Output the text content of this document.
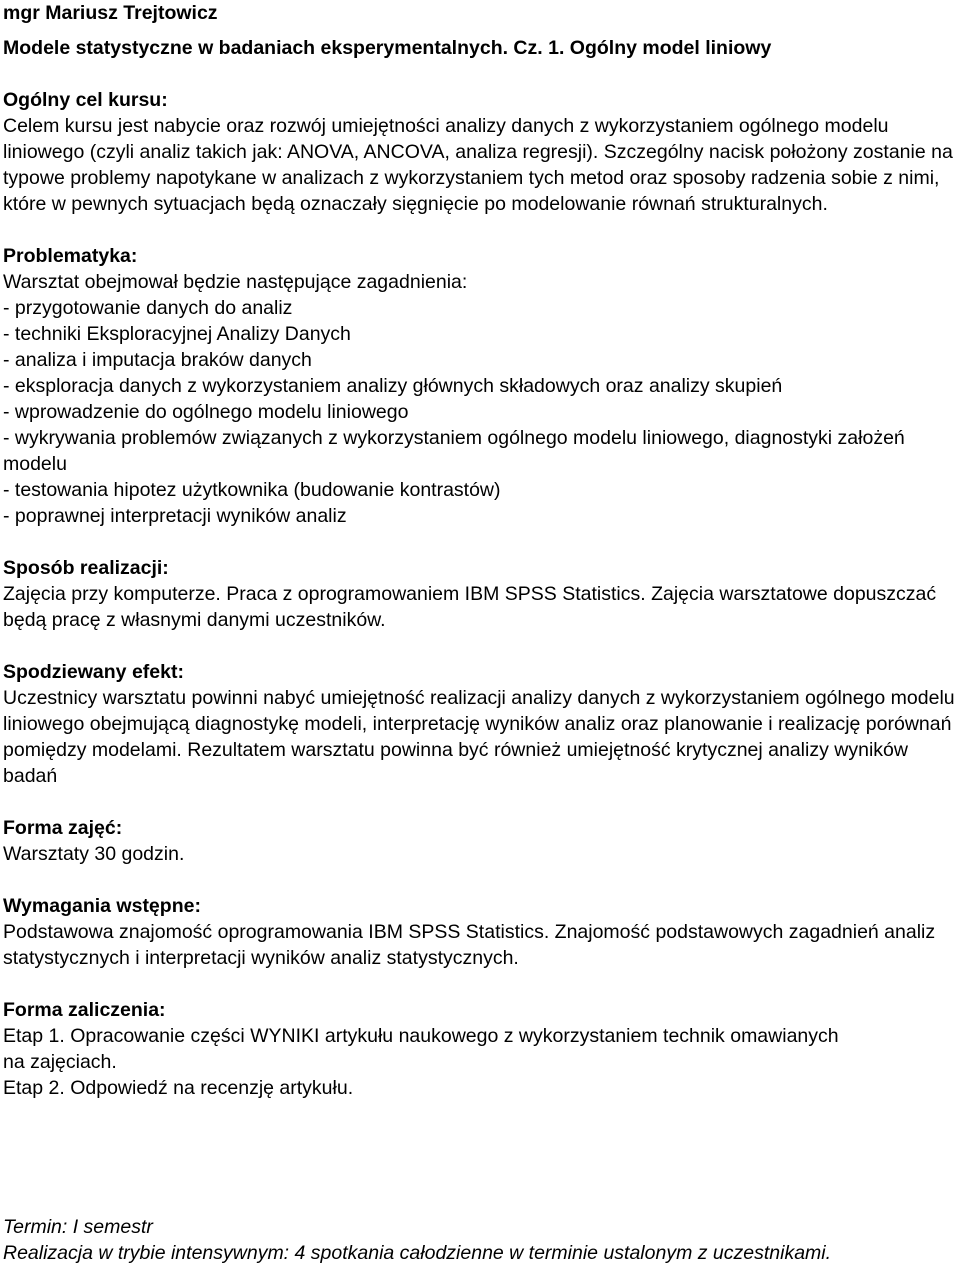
mgr Mariusz Trejtowicz
Modele statystyczne w badaniach eksperymentalnych. Cz. 1. Ogólny model liniowy
Ogólny cel kursu:

Celem kursu jest nabycie oraz rozwój umiejętności analizy danych z wykorzystaniem ogólnego modelu liniowego (czyli analiz takich jak: ANOVA, ANCOVA, analiza regresji). Szczególny nacisk położony zostanie na typowe problemy napotykane w analizach z wykorzystaniem tych metod oraz sposoby radzenia sobie z nimi, które w pewnych sytuacjach będą oznaczały sięgnięcie po modelowanie równań strukturalnych.

Problematyka:

Warsztat obejmował będzie następujące zagadnienia:

- przygotowanie danych do analiz
- techniki Eksploracyjnej Analizy Danych
- analiza i imputacja braków danych
- eksploracja danych z wykorzystaniem analizy głównych składowych oraz analizy skupień
- wprowadzenie do ogólnego modelu liniowego
- wykrywania problemów związanych z wykorzystaniem ogólnego modelu liniowego, diagnostyki założeń modelu
- testowania hipotez użytkownika (budowanie kontrastów)
- poprawnej interpretacji wyników analiz
Sposób realizacji:

Zajęcia przy komputerze. Praca z oprogramowaniem IBM SPSS Statistics. Zajęcia warsztatowe dopuszczać będą pracę z własnymi danymi uczestników.

Spodziewany efekt:

Uczestnicy warsztatu powinni nabyć umiejętność realizacji analizy danych z wykorzystaniem ogólnego modelu liniowego obejmującą diagnostykę modeli, interpretację wyników analiz oraz planowanie i realizację porównań pomiędzy modelami. Rezultatem warsztatu powinna być również umiejętność krytycznej analizy wyników badań

Forma zajęć:

Warsztaty 30 godzin.

Wymagania wstępne:

Podstawowa znajomość oprogramowania IBM SPSS Statistics. Znajomość podstawowych zagadnień analiz statystycznych i interpretacji wyników analiz statystycznych.

Forma zaliczenia:
Etap 1. Opracowanie części WYNIKI artykułu naukowego z wykorzystaniem technik omawianych
na zajęciach.
Etap 2. Odpowiedź na recenzję artykułu.
Termin: I semestr
Realizacja w trybie intensywnym: 4 spotkania całodzienne w terminie ustalonym z uczestnikami.
